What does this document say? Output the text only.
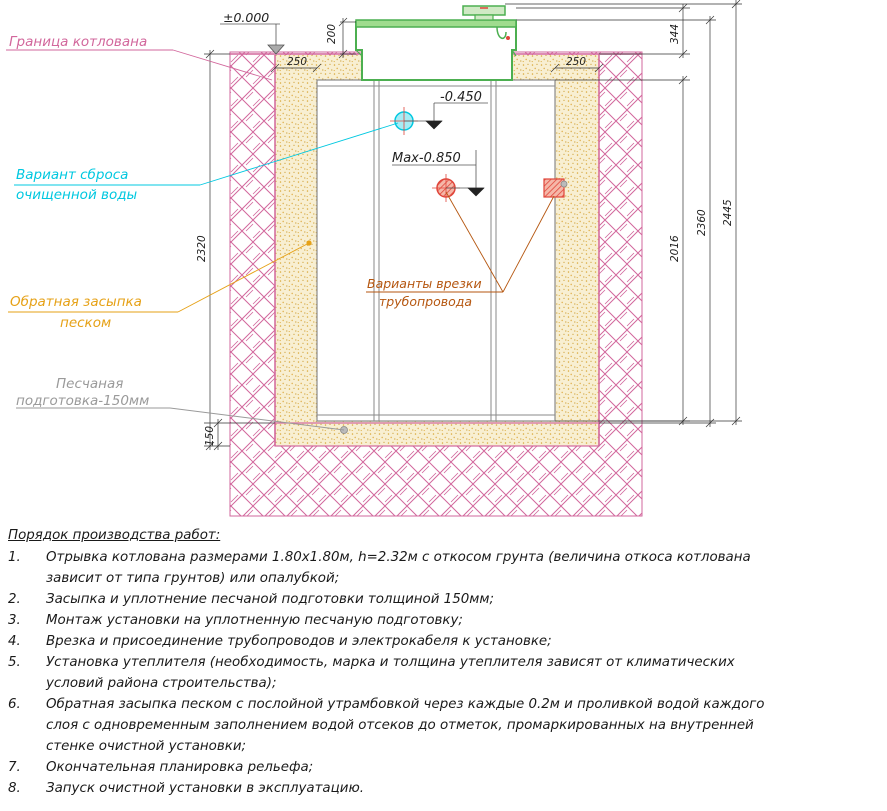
±0.000
-0.450
Max-0.850
200
250	250
344
2016
2360 2445
2320
150
Граница котлована
Вариант сброса
очищенной воды
Обратная засыпка
песком
Песчаная
подготовка-150мм
Варианты врезки
трубопровода
Порядок производства работ:
1. Отрывка котлована размерами 1.80х1.80м, h=2.32м с откосом грунта (величина откоса котлована
зависит от типа грунтов) или опалубкой;
2. Засыпка и уплотнение песчаной подготовки толщиной 150мм;
3. Монтаж установки на уплотненную песчаную подготовку;
4. Врезка и присоединение трубопроводов и электрокабеля к установке;
5. Установка утеплителя (необходимость, марка и толщина утеплителя зависят от климатических
условий района строительства);
6. Обратная засыпка песком с послойной утрамбовкой через каждые 0.2м и проливкой водой каждого
слоя с одновременным заполнением водой отсеков до отметок, промаркированных на внутренней
стенке очистной установки;
7. Окончательная планировка рельефа;
8. Запуск очистной установки в эксплуатацию.
